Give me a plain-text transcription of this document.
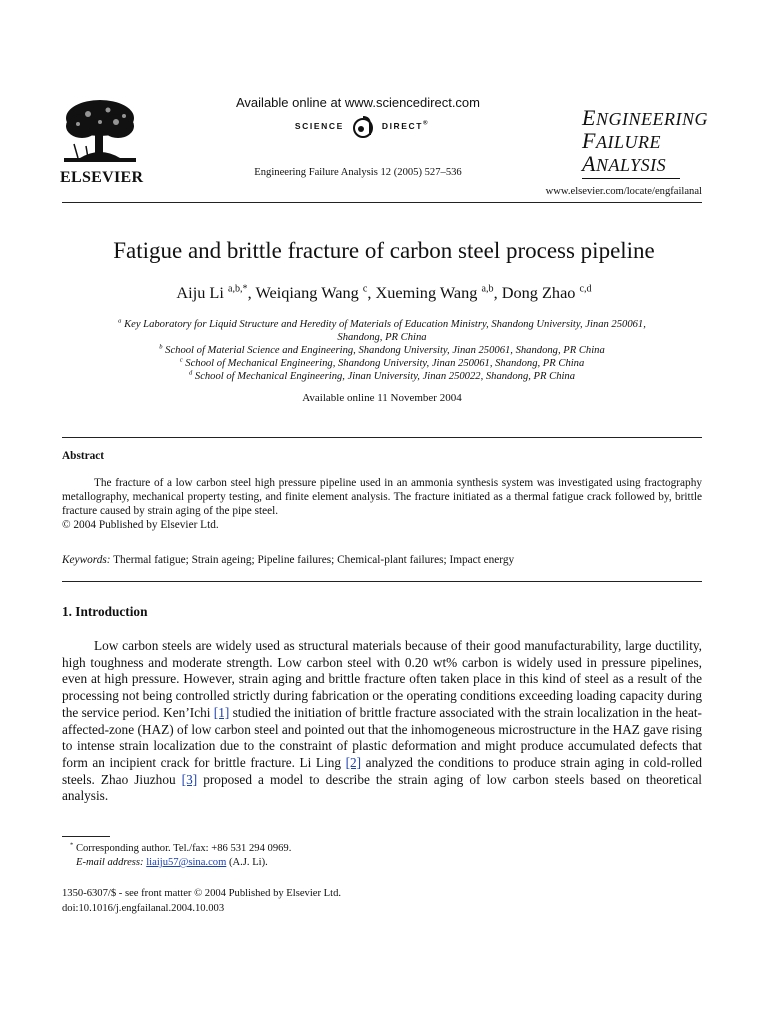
ELSEVIER
Available online at www.sciencedirect.com
SCIENCE	DIRECT®
Engineering Failure Analysis 12 (2005) 527–536
ENGINEERING
FAILURE
ANALYSIS
www.elsevier.com/locate/engfailanal
Fatigue and brittle fracture of carbon steel process pipeline
Aiju Li $^{a,b,*}$, Weiqiang Wang $^c$, Xueming Wang $^{a,b}$, Dong Zhao $^{c,d}$
$^a$ Key Laboratory for Liquid Structure and Heredity of Materials of Education Ministry, Shandong University, Jinan 250061,
Shandong, PR China
$^b$ School of Material Science and Engineering, Shandong University, Jinan 250061, Shandong, PR China
$^c$ School of Mechanical Engineering, Shandong University, Jinan 250061, Shandong, PR China
$^d$ School of Mechanical Engineering, Jinan University, Jinan 250022, Shandong, PR China
Available online 11 November 2004
Abstract
The fracture of a low carbon steel high pressure pipeline used in an ammonia synthesis system was investigated using fractography metallography, mechanical property testing, and finite element analysis. The fracture initiated as a thermal fatigue crack followed by, brittle fracture caused by strain aging of the pipe steel.
© 2004 Published by Elsevier Ltd.
Keywords: Thermal fatigue; Strain ageing; Pipeline failures; Chemical-plant failures; Impact energy
1. Introduction
Low carbon steels are widely used as structural materials because of their good manufacturability, large ductility, high toughness and moderate strength. Low carbon steel with 0.20 wt% carbon is widely used in pressure pipelines, even at high pressure. However, strain aging and brittle fracture often taken place in this kind of steel as a result of the processing not being controlled strictly during fabrication or the operating conditions exceeding loading capacity during the service period. Ken’Ichi [1] studied the initiation of brittle fracture associated with the strain localization in the heat-affected-zone (HAZ) of low carbon steel and pointed out that the inhomogeneous microstructure in the HAZ gave rising to intense strain localization due to the constraint of plastic deformation and might produce accumulated defects that form an incipient crack for brittle fracture. Li Ling [2] analyzed the conditions to produce strain aging in cold-rolled steels. Zhao Jiuzhou [3] proposed a model to describe the strain aging of low carbon steels based on theoretical analysis.
* Corresponding author. Tel./fax: +86 531 294 0969.
E-mail address: liaiju57@sina.com (A.J. Li).
1350-6307/$ - see front matter © 2004 Published by Elsevier Ltd.
doi:10.1016/j.engfailanal.2004.10.003
